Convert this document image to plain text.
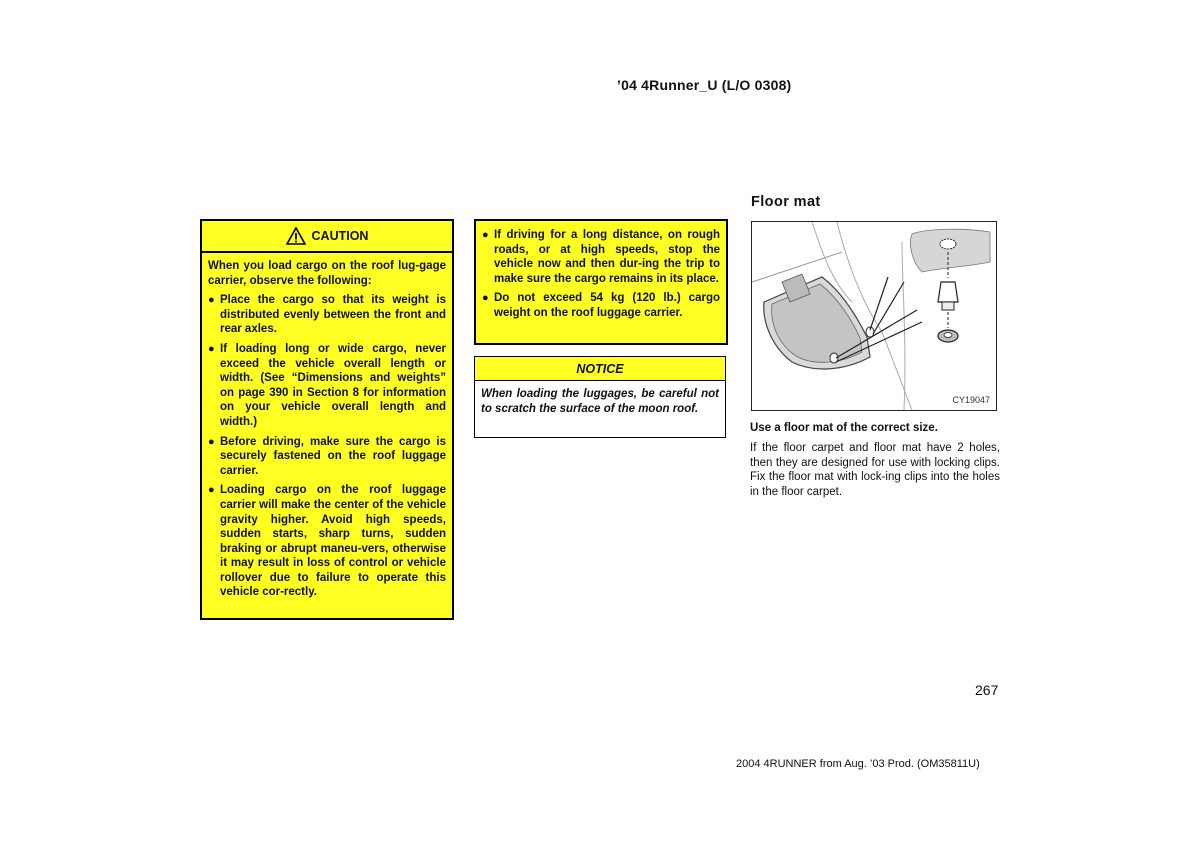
’04 4Runner_U (L/O 0308)
CAUTION

When you load cargo on the roof lug-gage carrier, observe the following:

● Place the cargo so that its weight is distributed evenly between the front and rear axles.
● If loading long or wide cargo, never exceed the vehicle overall length or width. (See “Dimensions and weights” on page 390 in Section 8 for information on your vehicle overall length and width.)
● Before driving, make sure the cargo is securely fastened on the roof luggage carrier.
● Loading cargo on the roof luggage carrier will make the center of the vehicle gravity higher. Avoid high speeds, sudden starts, sharp turns, sudden braking or abrupt maneu-vers, otherwise it may result in loss of control or vehicle rollover due to failure to operate this vehicle cor-rectly.
● If driving for a long distance, on rough roads, or at high speeds, stop the vehicle now and then dur-ing the trip to make sure the cargo remains in its place.
● Do not exceed 54 kg (120 lb.) cargo weight on the roof luggage carrier.
NOTICE
When loading the luggages, be careful not to scratch the surface of the moon roof.
Floor mat
CY19047
Use a floor mat of the correct size.
If the floor carpet and floor mat have 2 holes, then they are designed for use with locking clips. Fix the floor mat with lock-ing clips into the holes in the floor carpet.
267
2004 4RUNNER from Aug. ’03 Prod. (OM35811U)
